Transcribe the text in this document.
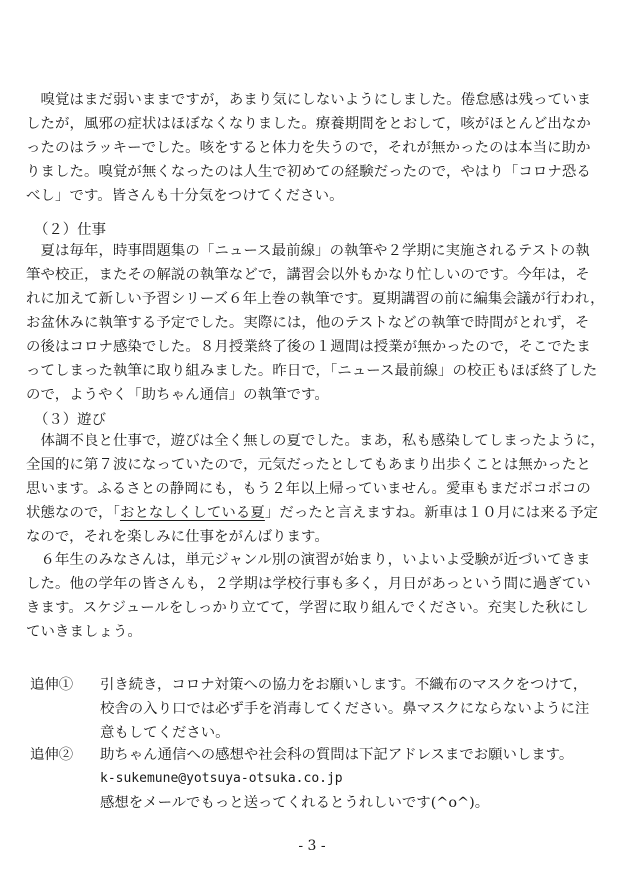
　嗅覚はまだ弱いままですが，あまり気にしないようにしました。倦怠感は残っていま
したが，風邪の症状はほぼなくなりました。療養期間をとおして，咳がほとんど出なか
ったのはラッキーでした。咳をすると体力を失うので，それが無かったのは本当に助か
りました。嗅覚が無くなったのは人生で初めての経験だったので，やはり「コロナ恐る
べし」です。皆さんも十分気をつけてください。
（２）仕事
　夏は毎年，時事問題集の「ニュース最前線」の執筆や２学期に実施されるテストの執
筆や校正，またその解説の執筆などで，講習会以外もかなり忙しいのです。今年は，そ
れに加えて新しい予習シリーズ６年上巻の執筆です。夏期講習の前に編集会議が行われ，
お盆休みに執筆する予定でした。実際には，他のテストなどの執筆で時間がとれず，そ
の後はコロナ感染でした。８月授業終了後の１週間は授業が無かったので，そこでたま
ってしまった執筆に取り組みました。昨日で，「ニュース最前線」の校正もほぼ終了した
ので，ようやく「助ちゃん通信」の執筆です。
（３）遊び
　体調不良と仕事で，遊びは全く無しの夏でした。まあ，私も感染してしまったように，
全国的に第７波になっていたので，元気だったとしてもあまり出歩くことは無かったと
思います。ふるさとの静岡にも，もう２年以上帰っていません。愛車もまだボコボコの
状態なので，「おとなしくしている夏」だったと言えますね。新車は１０月には来る予定
なので，それを楽しみに仕事をがんばります。
　６年生のみなさんは，単元ジャンル別の演習が始まり，いよいよ受験が近づいてきま
した。他の学年の皆さんも，２学期は学校行事も多く，月日があっという間に過ぎてい
きます。スケジュールをしっかり立てて，学習に取り組んでください。充実した秋にし
ていきましょう。
追伸① 引き続き，コロナ対策への協力をお願いします。不織布のマスクをつけて，
校舎の入り口では必ず手を消毒してください。鼻マスクにならないように注
意もしてください。
追伸② 助ちゃん通信への感想や社会科の質問は下記アドレスまでお願いします。
k-sukemune@yotsuya-otsuka.co.jp
感想をメールでもっと送ってくれるとうれしいです(^o^)。
- 3 -
